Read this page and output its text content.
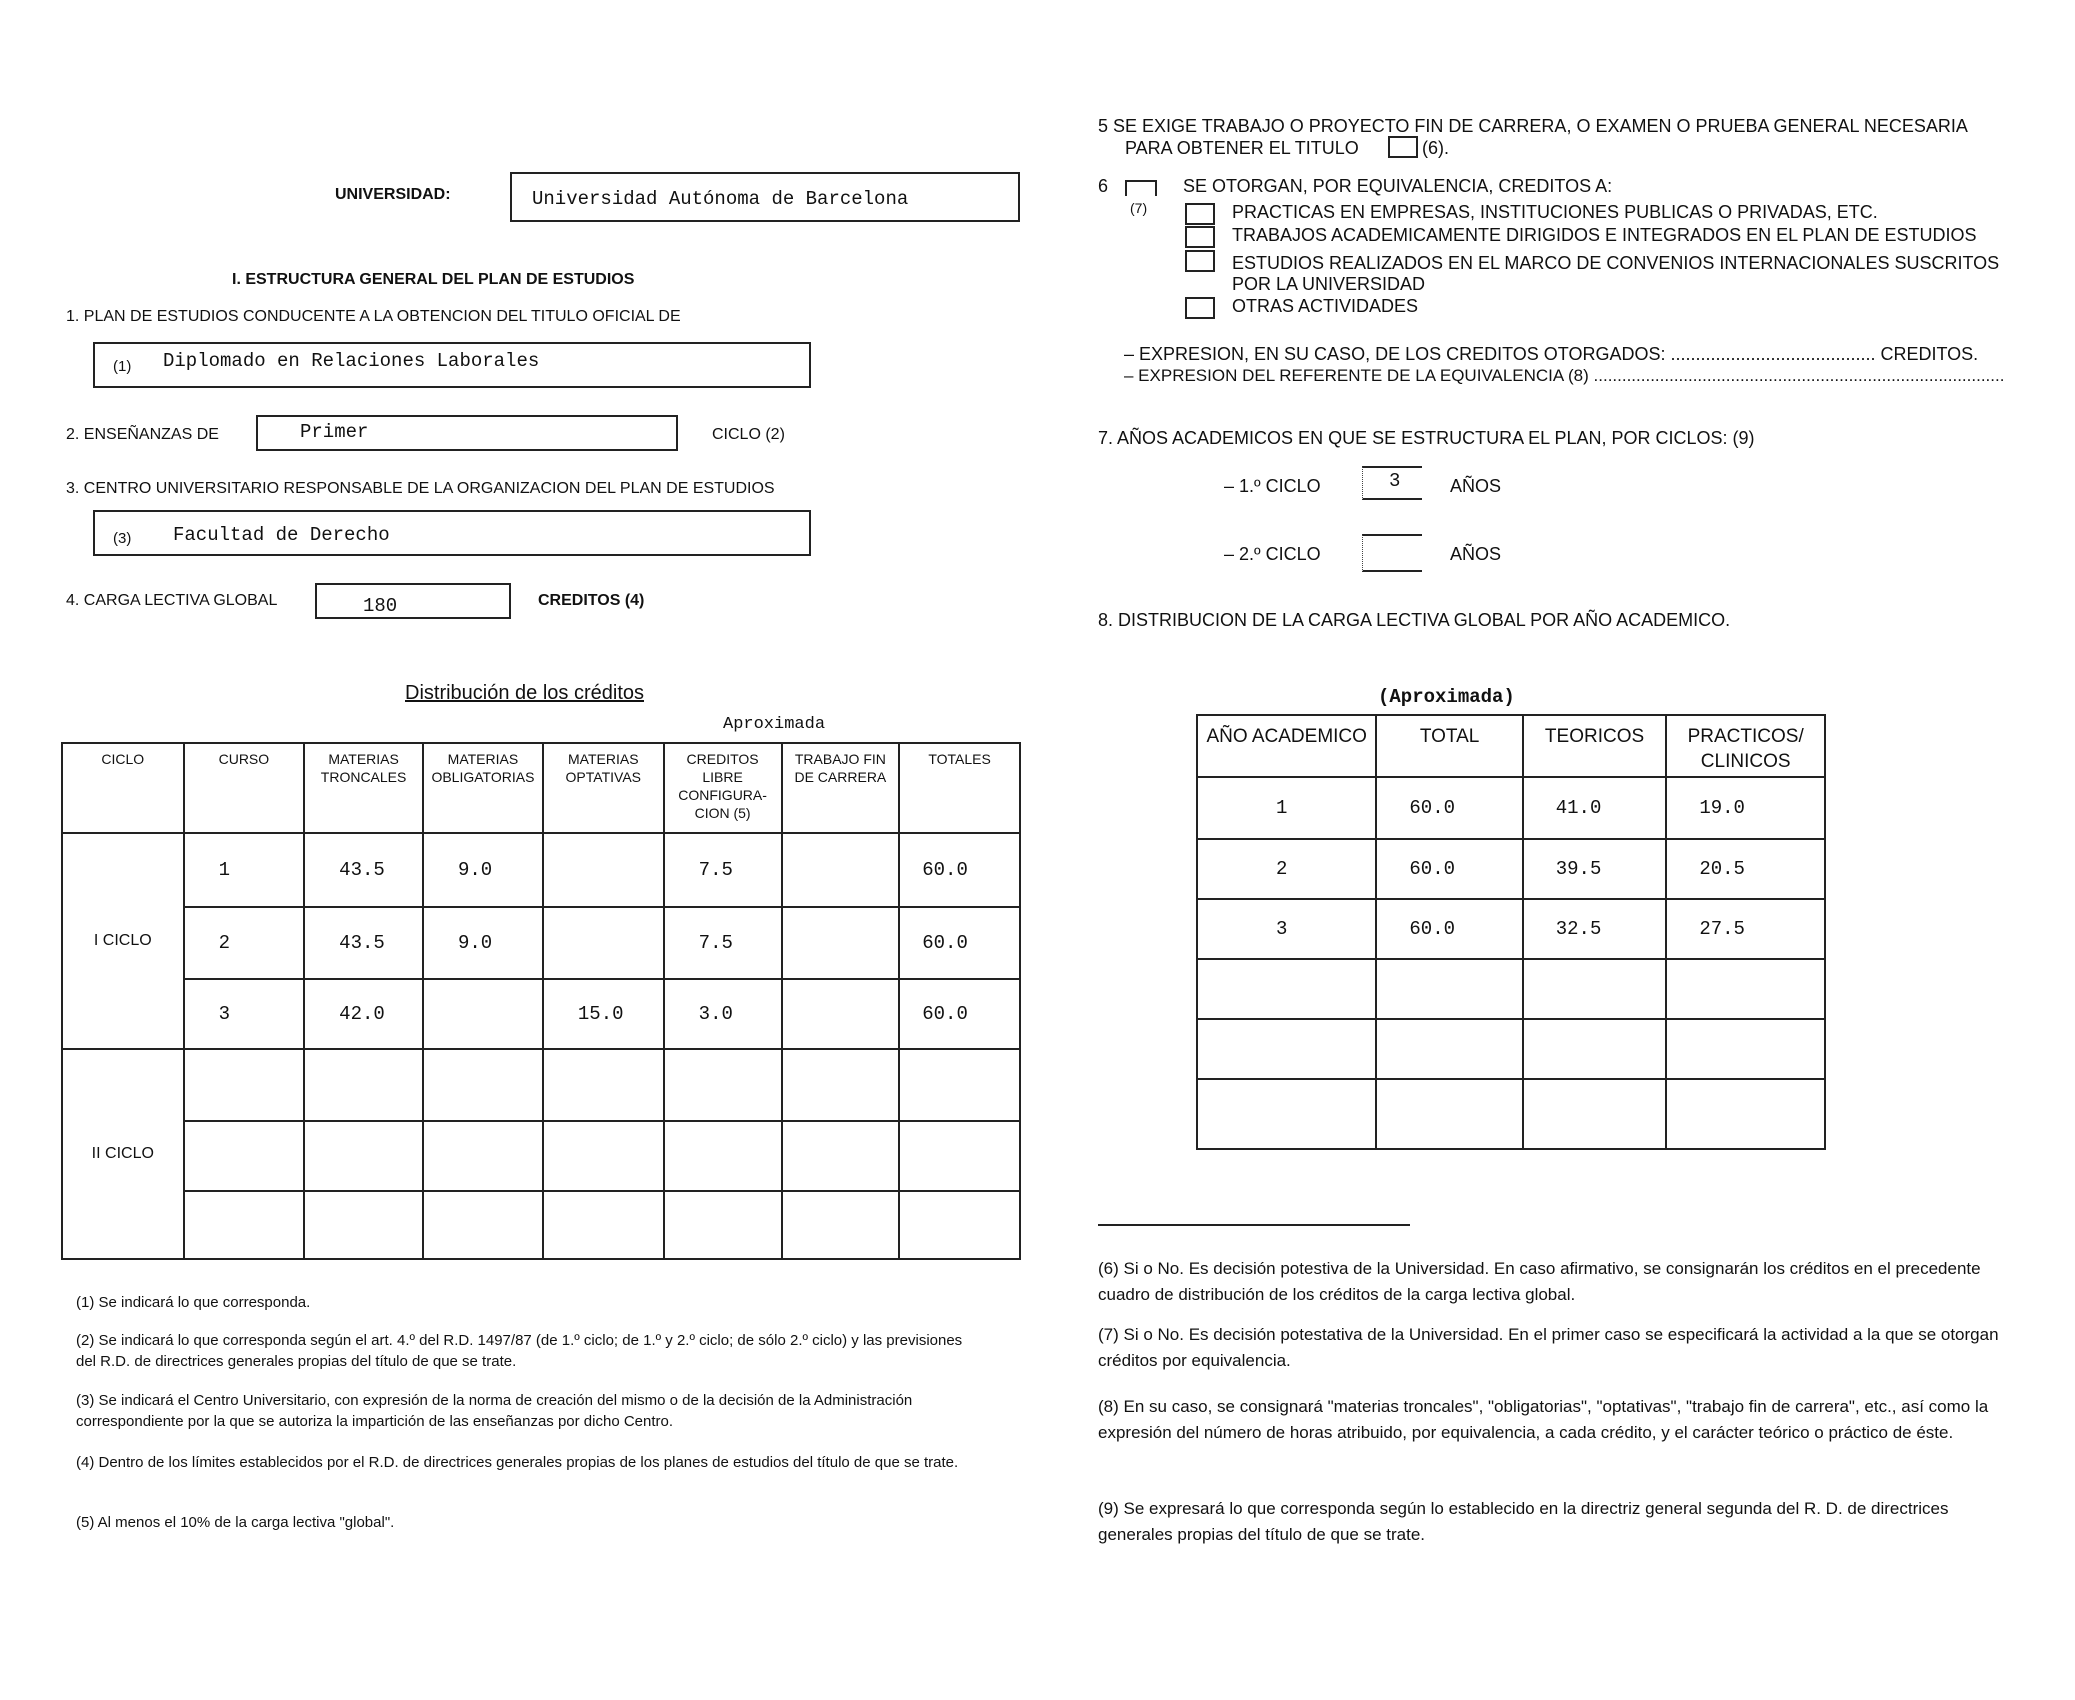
UNIVERSIDAD:	Universidad Autónoma de Barcelona
I. ESTRUCTURA GENERAL DEL PLAN DE ESTUDIOS
1. PLAN DE ESTUDIOS CONDUCENTE A LA OBTENCION DEL TITULO OFICIAL DE
(1) Diplomado en Relaciones Laborales
2. ENSEÑANZAS DE	Primer	CICLO (2)
3. CENTRO UNIVERSITARIO RESPONSABLE DE LA ORGANIZACION DEL PLAN DE ESTUDIOS
(3) Facultad de Derecho
4. CARGA LECTIVA GLOBAL	180	CREDITOS (4)
Distribución de los créditos
Aproximada
CICLO	CURSO	MATERIAS TRONCALES	MATERIAS OBLIGATORIAS	MATERIAS OPTATIVAS	CREDITOS LIBRE CONFIGURA- CION (5)	TRABAJO FIN DE CARRERA	TOTALES
I CICLO	1	43.5	9.0		7.5		60.0
	2	43.5	9.0		7.5		60.0
	3	42.0		15.0	3.0		60.0
II CICLO							

(1) Se indicará lo que corresponda.
(2) Se indicará lo que corresponda según el art. 4.º del R.D. 1497/87 (de 1.º ciclo; de 1.º y 2.º ciclo; de sólo 2.º ciclo) y las previsiones del R.D. de directrices generales propias del título de que se trate.
(3) Se indicará el Centro Universitario, con expresión de la norma de creación del mismo o de la decisión de la Administración correspondiente por la que se autoriza la impartición de las enseñanzas por dicho Centro.
(4) Dentro de los límites establecidos por el R.D. de directrices generales propias de los planes de estudios del título de que se trate.
(5) Al menos el 10% de la carga lectiva "global".
5 SE EXIGE TRABAJO O PROYECTO FIN DE CARRERA, O EXAMEN O PRUEBA GENERAL NECESARIA
PARA OBTENER EL TITULO	(6).
6
(7)
SE OTORGAN, POR EQUIVALENCIA, CREDITOS A:
PRACTICAS EN EMPRESAS, INSTITUCIONES PUBLICAS O PRIVADAS, ETC.
TRABAJOS ACADEMICAMENTE DIRIGIDOS E INTEGRADOS EN EL PLAN DE ESTUDIOS
ESTUDIOS REALIZADOS EN EL MARCO DE CONVENIOS INTERNACIONALES SUSCRITOS
POR LA UNIVERSIDAD
OTRAS ACTIVIDADES
– EXPRESION, EN SU CASO, DE LOS CREDITOS OTORGADOS: ......................................... CREDITOS.
– EXPRESION DEL REFERENTE DE LA EQUIVALENCIA (8) .......................................................................................
7. AÑOS ACADEMICOS EN QUE SE ESTRUCTURA EL PLAN, POR CICLOS: (9)
– 1.º CICLO	3	AÑOS
– 2.º CICLO	AÑOS
8. DISTRIBUCION DE LA CARGA LECTIVA GLOBAL POR AÑO ACADEMICO.
(Aproximada)
AÑO ACADEMICO	TOTAL	TEORICOS	PRACTICOS/ CLINICOS
1	60.0	41.0	19.0
2	60.0	39.5	20.5
3	60.0	32.5	27.5

(6) Si o No. Es decisión potestiva de la Universidad. En caso afirmativo, se consignarán los créditos en el precedente cuadro de distribución de los créditos de la carga lectiva global.
(7) Si o No. Es decisión potestativa de la Universidad. En el primer caso se especificará la actividad a la que se otorgan créditos por equivalencia.
(8) En su caso, se consignará "materias troncales", "obligatorias", "optativas", "trabajo fin de carrera", etc., así como la expresión del número de horas atribuido, por equivalencia, a cada crédito, y el carácter teórico o práctico de éste.
(9) Se expresará lo que corresponda según lo establecido en la directriz general segunda del R. D. de directrices generales propias del título de que se trate.
